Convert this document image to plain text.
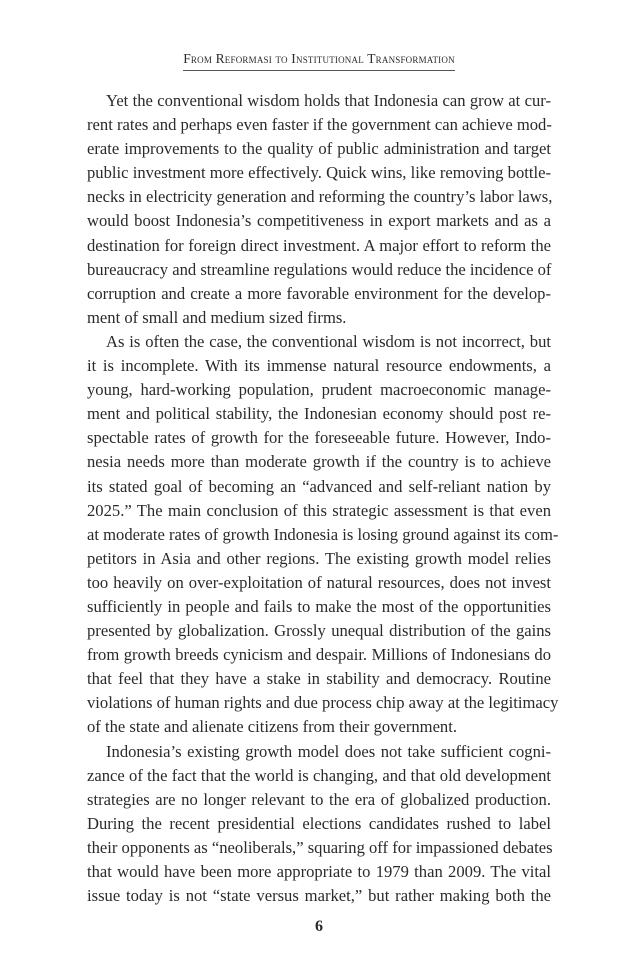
From Reformasi to Institutional Transformation
Yet the conventional wisdom holds that Indonesia can grow at cur-
rent rates and perhaps even faster if the government can achieve mod-
erate improvements to the quality of public administration and target
public investment more effectively. Quick wins, like removing bottle-
necks in electricity generation and reforming the country’s labor laws,
would boost Indonesia’s competitiveness in export markets and as a
destination for foreign direct investment. A major effort to reform the
bureaucracy and streamline regulations would reduce the incidence of
corruption and create a more favorable environment for the develop-
ment of small and medium sized firms.
As is often the case, the conventional wisdom is not incorrect, but
it is incomplete. With its immense natural resource endowments, a
young, hard-working population, prudent macroeconomic manage-
ment and political stability, the Indonesian economy should post re-
spectable rates of growth for the foreseeable future. However, Indo-
nesia needs more than moderate growth if the country is to achieve
its stated goal of becoming an “advanced and self-reliant nation by
2025.” The main conclusion of this strategic assessment is that even
at moderate rates of growth Indonesia is losing ground against its com-
petitors in Asia and other regions. The existing growth model relies
too heavily on over-exploitation of natural resources, does not invest
sufficiently in people and fails to make the most of the opportunities
presented by globalization. Grossly unequal distribution of the gains
from growth breeds cynicism and despair. Millions of Indonesians do
that feel that they have a stake in stability and democracy. Routine
violations of human rights and due process chip away at the legitimacy
of the state and alienate citizens from their government.
Indonesia’s existing growth model does not take sufficient cogni-
zance of the fact that the world is changing, and that old development
strategies are no longer relevant to the era of globalized production.
During the recent presidential elections candidates rushed to label
their opponents as “neoliberals,” squaring off for impassioned debates
that would have been more appropriate to 1979 than 2009. The vital
issue today is not “state versus market,” but rather making both the
6
